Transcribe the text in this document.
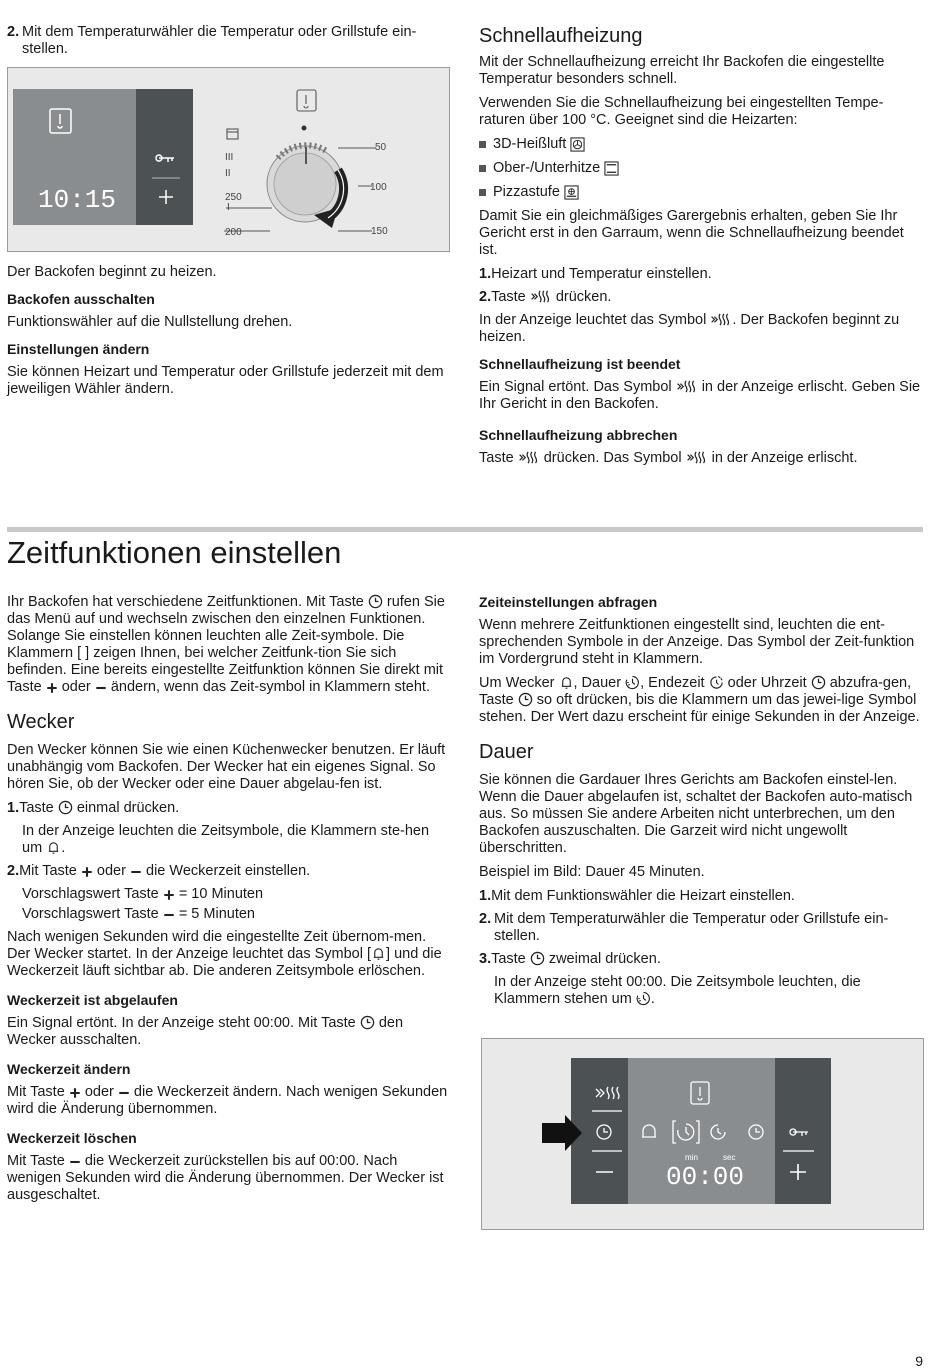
2. Mit dem Temperaturwähler die Temperatur oder Grillstufe ein-stellen.
III
II
250
I
200
50
100
150
10:15

Der Backofen beginnt zu heizen.

Backofen ausschalten

Funktionswähler auf die Nullstellung drehen.

Einstellungen ändern

Sie können Heizart und Temperatur oder Grillstufe jederzeit mit dem jeweiligen Wähler ändern.

Schnellaufheizung

Mit der Schnellaufheizung erreicht Ihr Backofen die eingestellte Temperatur besonders schnell.

Verwenden Sie die Schnellaufheizung bei eingestellten Tempe-raturen über 100 °C. Geeignet sind die Heizarten:

3D-Heißluft

Ober-/Unterhitze

Pizzastufe

Damit Sie ein gleichmäßiges Garergebnis erhalten, geben Sie Ihr Gericht erst in den Garraum, wenn die Schnellaufheizung beendet ist.

1.Heizart und Temperatur einstellen.
2.Taste drücken.

In der Anzeige leuchtet das Symbol . Der Backofen beginnt zu heizen.

Schnellaufheizung ist beendet

Ein Signal ertönt. Das Symbol in der Anzeige erlischt. Geben Sie Ihr Gericht in den Backofen.

Schnellaufheizung abbrechen

Taste drücken. Das Symbol in der Anzeige erlischt.

Zeitfunktionen einstellen

Ihr Backofen hat verschiedene Zeitfunktionen. Mit Taste rufen Sie das Menü auf und wechseln zwischen den einzelnen Funktionen. Solange Sie einstellen können leuchten alle Zeit-symbole. Die Klammern [ ] zeigen Ihnen, bei welcher Zeitfunk-tion Sie sich befinden. Eine bereits eingestellte Zeitfunktion können Sie direkt mit Taste oder ändern, wenn das Zeit-symbol in Klammern steht.

Wecker

Den Wecker können Sie wie einen Küchenwecker benutzen. Er läuft unabhängig vom Backofen. Der Wecker hat ein eigenes Signal. So hören Sie, ob der Wecker oder eine Dauer abgelau-fen ist.

1.Taste einmal drücken.
In der Anzeige leuchten die Zeitsymbole, die Klammern ste-hen um .
2.Mit Taste oder die Weckerzeit einstellen.
Vorschlagswert Taste = 10 Minuten
Vorschlagswert Taste = 5 Minuten

Nach wenigen Sekunden wird die eingestellte Zeit übernom-men. Der Wecker startet. In der Anzeige leuchtet das Symbol [ ] und die Weckerzeit läuft sichtbar ab. Die anderen Zeitsymbole erlöschen.

Weckerzeit ist abgelaufen

Ein Signal ertönt. In der Anzeige steht 00:00. Mit Taste den Wecker ausschalten.

Weckerzeit ändern

Mit Taste oder die Weckerzeit ändern. Nach wenigen Sekunden wird die Änderung übernommen.

Weckerzeit löschen

Mit Taste die Weckerzeit zurückstellen bis auf 00:00. Nach wenigen Sekunden wird die Änderung übernommen. Der Wecker ist ausgeschaltet.

Zeiteinstellungen abfragen

Wenn mehrere Zeitfunktionen eingestellt sind, leuchten die ent-sprechenden Symbole in der Anzeige. Das Symbol der Zeit-funktion im Vordergrund steht in Klammern.

Um Wecker , Dauer , Endezeit oder Uhrzeit abzufra-gen, Taste so oft drücken, bis die Klammern um das jewei-lige Symbol stehen. Der Wert dazu erscheint für einige Sekunden in der Anzeige.

Dauer

Sie können die Gardauer Ihres Gerichts am Backofen einstel-len. Wenn die Dauer abgelaufen ist, schaltet der Backofen auto-matisch aus. So müssen Sie andere Arbeiten nicht unterbrechen, um den Backofen auszuschalten. Die Garzeit wird nicht ungewollt überschritten.

Beispiel im Bild: Dauer 45 Minuten.

1.Mit dem Funktionswähler die Heizart einstellen.
2. Mit dem Temperaturwähler die Temperatur oder Grillstufe ein-stellen.
3.Taste zweimal drücken.
In der Anzeige steht 00:00. Die Zeitsymbole leuchten, die Klammern stehen um .
min	sec
00:00
9
